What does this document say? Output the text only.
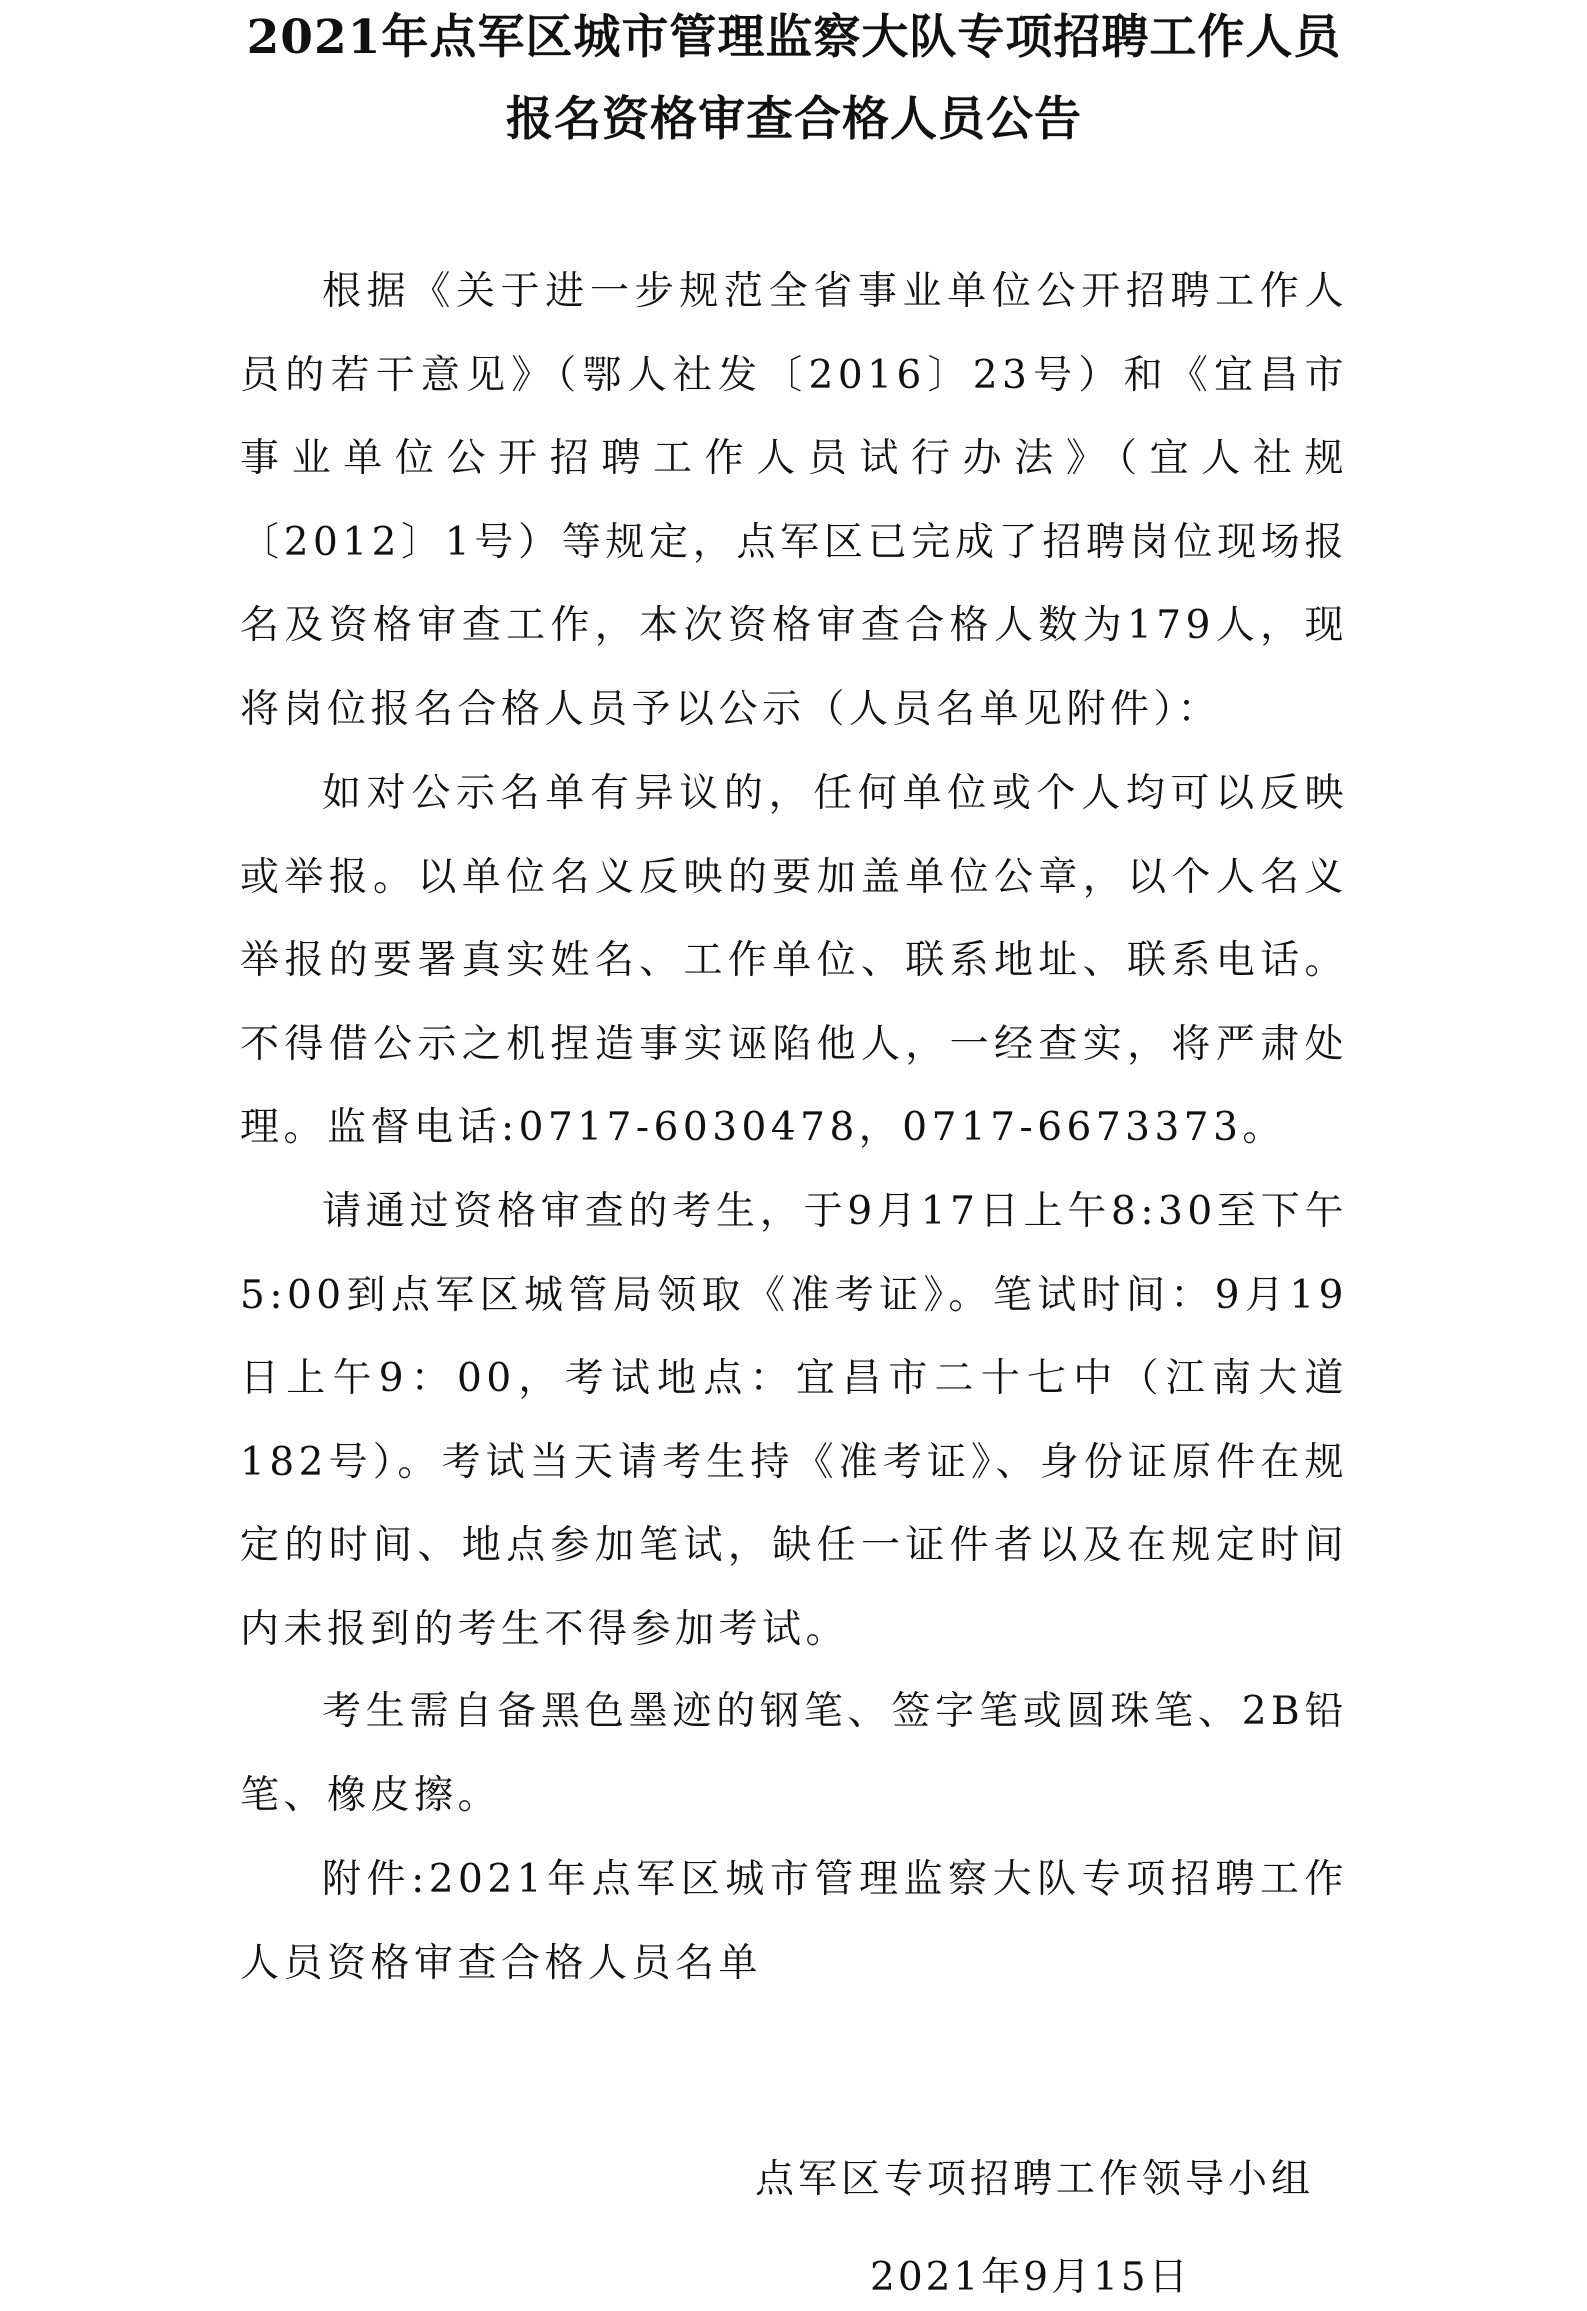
2021年点军区城市管理监察大队专项招聘工作人员
报名资格审查合格人员公告

根据《关于进一步规范全省事业单位公开招聘工作人员的若干意见》（鄂人社发〔2016〕23号）和《宜昌市事业单位公开招聘工作人员试行办法》（宜人社规〔2012〕1号）等规定，点军区已完成了招聘岗位现场报名及资格审查工作，本次资格审查合格人数为179人，现将岗位报名合格人员予以公示（人员名单见附件）：

如对公示名单有异议的，任何单位或个人均可以反映或举报。以单位名义反映的要加盖单位公章，以个人名义举报的要署真实姓名、工作单位、联系地址、联系电话。不得借公示之机捏造事实诬陷他人，一经查实，将严肃处理。监督电话:0717-6030478，0717-6673373。

请通过资格审查的考生，于9月17日上午8:30至下午5:00到点军区城管局领取《准考证》。笔试时间：9月19日上午9：00，考试地点：宜昌市二十七中（江南大道182号）。考试当天请考生持《准考证》、身份证原件在规定的时间、地点参加笔试，缺任一证件者以及在规定时间内未报到的考生不得参加考试。

考生需自备黑色墨迹的钢笔、签字笔或圆珠笔、2B铅笔、橡皮擦。

附件:2021年点军区城市管理监察大队专项招聘工作人员资格审查合格人员名单

点军区专项招聘工作领导小组
2021年9月15日
